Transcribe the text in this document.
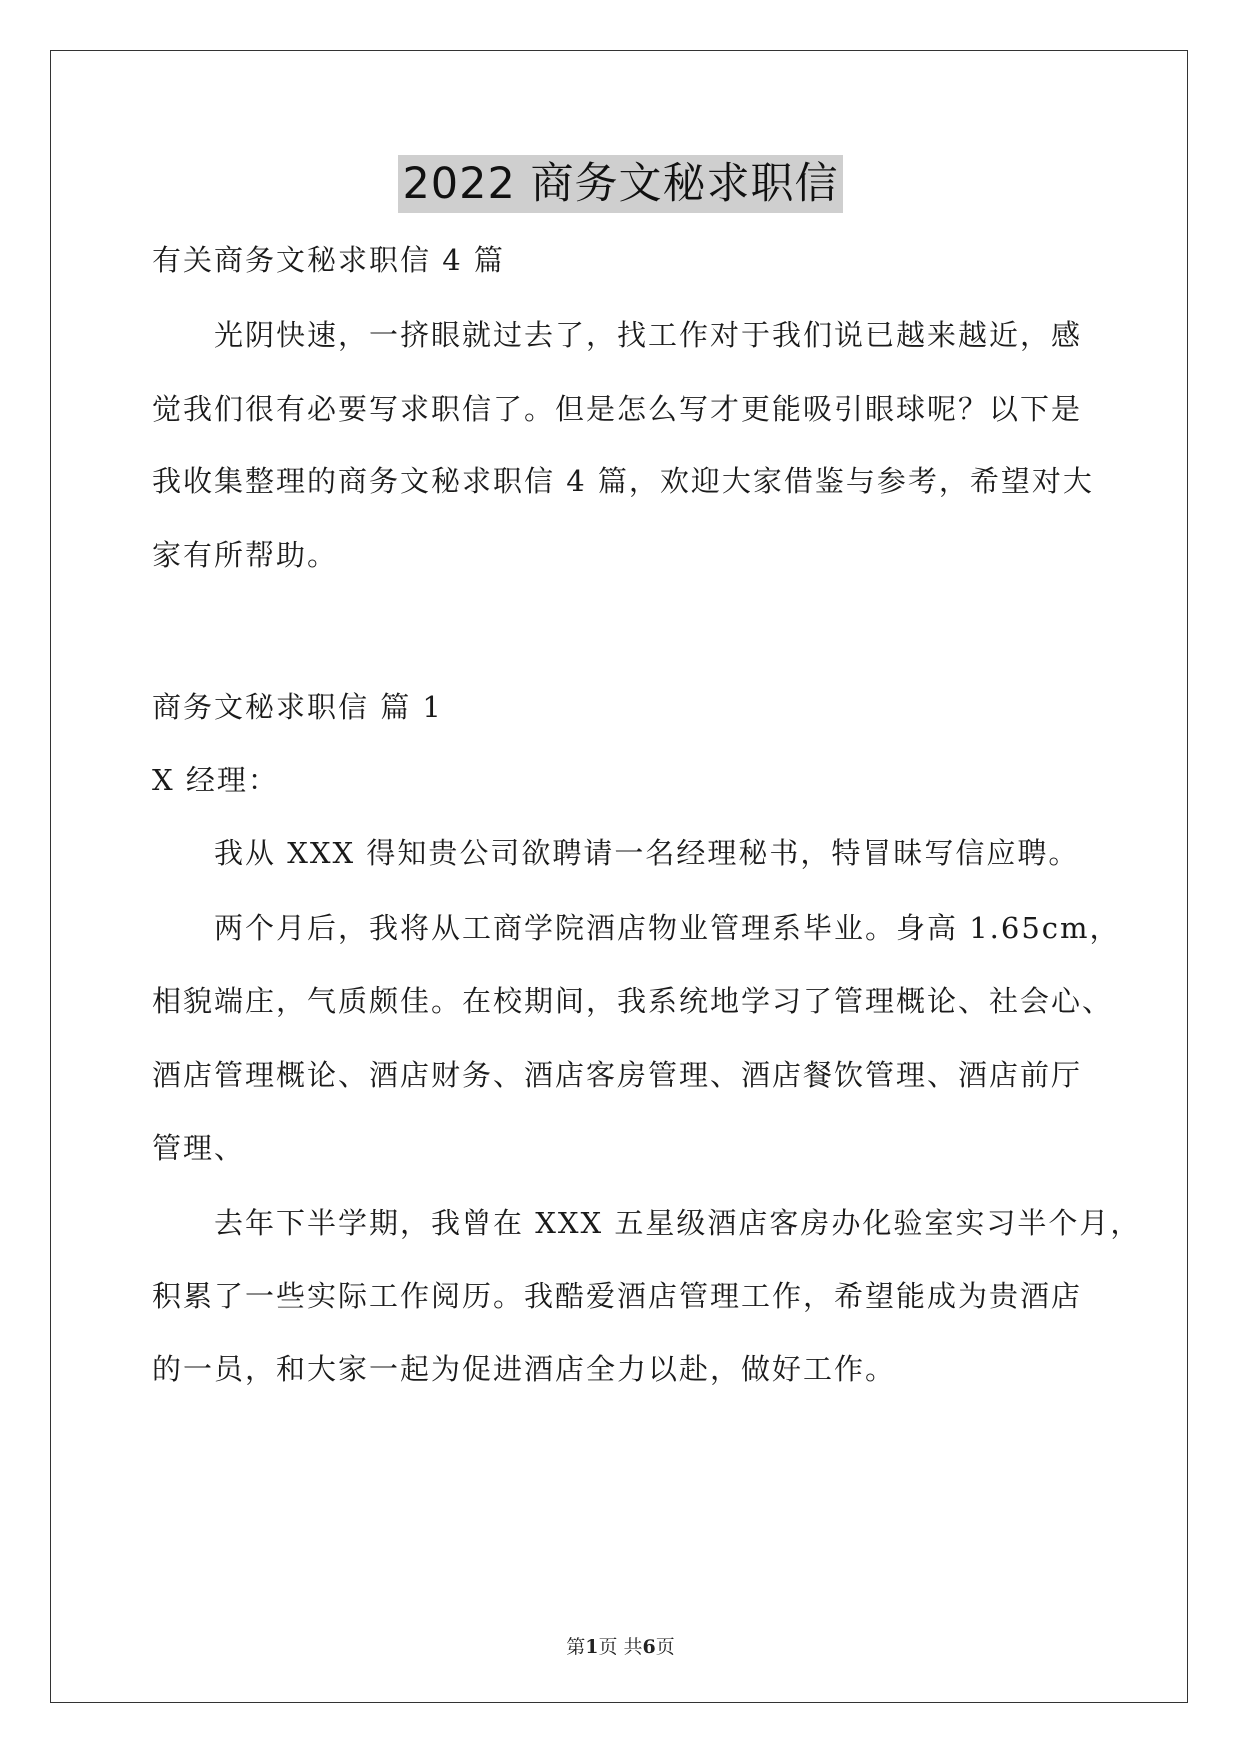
2022 商务文秘求职信
有关商务文秘求职信 4 篇
光阴快速，一挤眼就过去了，找工作对于我们说已越来越近，感
觉我们很有必要写求职信了。但是怎么写才更能吸引眼球呢？以下是
我收集整理的商务文秘求职信 4 篇，欢迎大家借鉴与参考，希望对大
家有所帮助。
商务文秘求职信 篇 1
X 经理：
我从 XXX 得知贵公司欲聘请一名经理秘书，特冒昧写信应聘。
两个月后，我将从工商学院酒店物业管理系毕业。身高 1.65cm，
相貌端庄，气质颇佳。在校期间，我系统地学习了管理概论、社会心、
酒店管理概论、酒店财务、酒店客房管理、酒店餐饮管理、酒店前厅
管理、
去年下半学期，我曾在 XXX 五星级酒店客房办化验室实习半个月，
积累了一些实际工作阅历。我酷爱酒店管理工作，希望能成为贵酒店
的一员，和大家一起为促进酒店全力以赴，做好工作。
第1页 共6页
